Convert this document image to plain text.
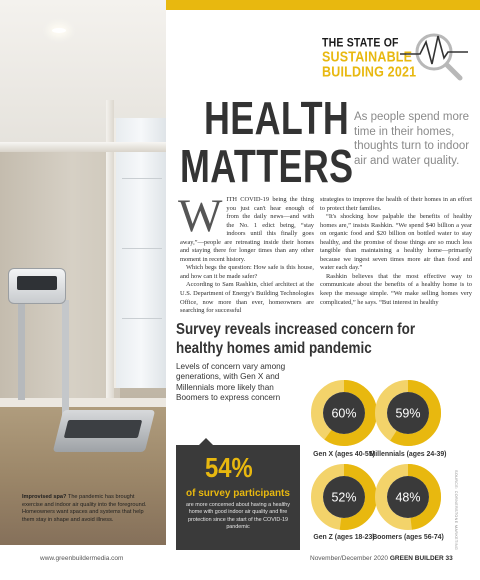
Improvised spa? The pandemic has brought exercise and indoor air quality into the foreground. Homeowners want spaces and systems that help them stay in shape and avoid illness.
THE STATE OF
SUSTAINABLE
BUILDING 2021
HEALTH
MATTERS
As people spend more time in their homes, thoughts turn to indoor air and water quality.
W ITH COVID-19 being the thing you just can't hear enough of from the daily news—and with the No. 1 edict being, “stay indoors until this finally goes away,”—people are retreating inside their homes and staying there for longer times than any other moment in recent history.

Which begs the question: How safe is this house, and how can it be made safer?

According to Sam Rashkin, chief architect at the U.S. Department of Energy's Building Technologies Office, now more than ever, homeowners are searching for successful

strategies to improve the health of their homes in an effort to protect their families.

“It's shocking how palpable the benefits of healthy homes are,” insists Rashkin. “We spend $40 billion a year on organic food and $20 billion on bottled water to stay healthy, and the promise of those things are so much less tangible than maintaining a healthy home—primarily because we ingest seven times more air than food and water each day.”

Rashkin believes that the most effective way to communicate about the benefits of a healthy home is to keep the message simple. “We make selling homes very complicated,” he says. “But interest in healthy

Survey reveals increased concern for healthy homes amid pandemic
Levels of concern vary among generations, with Gen X and Millennials more likely than Boomers to express concern
54%
of survey participants
are more concerned about having a healthy home with good indoor air quality and fire protection since the start of the COVID-19 pandemic
60%
Gen X (ages 40-55)
59%
Millennials (ages 24-39)
52%
Gen Z (ages 18-23)
48%
Boomers (ages 56-74)	SOURCE: CORNERSTONE MARKETING
www.greenbuildermedia.com	November/December 2020 GREEN BUILDER 33
